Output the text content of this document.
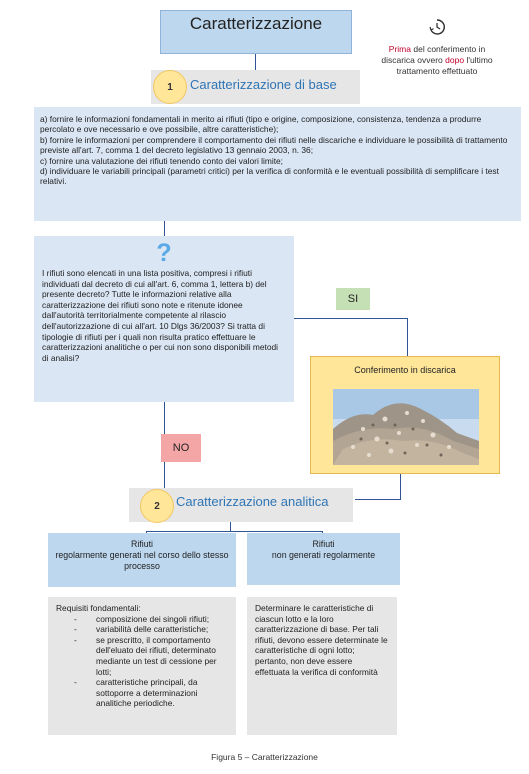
Caratterizzazione
Prima del conferimento in discarica ovvero dopo l'ultimo trattamento effettuato
1	Caratterizzazione di base
a) fornire le informazioni fondamentali in merito ai rifiuti (tipo e origine, composizione, consistenza, tendenza a produrre percolato e ove necessario e ove possibile, altre caratteristiche);
b) fornire le informazioni per comprendere il comportamento dei rifiuti nelle discariche e individuare le possibilità di trattamento previste all'art. 7, comma 1 del decreto legislativo 13 gennaio 2003, n. 36;
c) fornire una valutazione dei rifiuti tenendo conto dei valori limite;
d) individuare le variabili principali (parametri critici) per la verifica di conformità e le eventuali possibilità di semplificare i test relativi.
?
I rifiuti sono elencati in una lista positiva, compresi i rifiuti individuati dal decreto di cui all'art. 6, comma 1, lettera b) del presente decreto? Tutte le informazioni relative alla caratterizzazione dei rifiuti sono note e ritenute idonee dall'autorità territorialmente competente al rilascio dell'autorizzazione di cui all'art. 10 Dlgs 36/2003? Si tratta di tipologie di rifiuti per i quali non risulta pratico effettuare le caratterizzazioni analitiche o per cui non sono disponibili metodi di analisi?
SI
NO
Conferimento in discarica
2	Caratterizzazione analitica
Rifiuti
regolarmente generati nel corso dello stesso processo
Rifiuti
non generati regolarmente
Requisiti fondamentali:
- composizione dei singoli rifiuti;
- variabilità delle caratteristiche;
- se prescritto, il comportamento dell'eluato dei rifiuti, determinato mediante un test di cessione per lotti;
- caratteristiche principali, da sottoporre a determinazioni analitiche periodiche.
Determinare le caratteristiche di ciascun lotto e la loro caratterizzazione di base. Per tali rifiuti, devono essere determinate le caratteristiche di ogni lotto; pertanto, non deve essere effettuata la verifica di conformità
Figura 5 – Caratterizzazione
